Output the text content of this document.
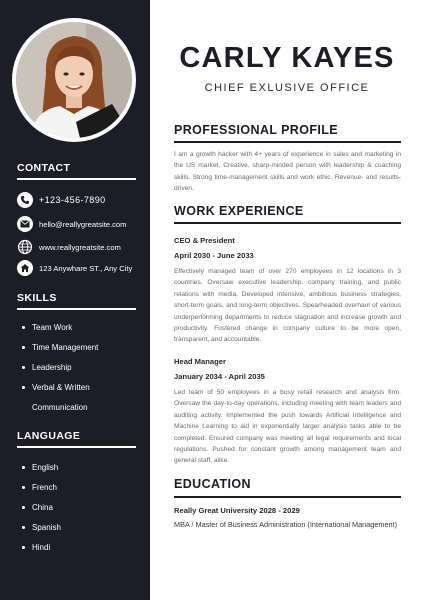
CONTACT
+123-456-7890
hello@reallygreatsite.com
www.reallygreatsite.com
123 Anywhare ST., Any City
SKILLS
Team Work
Time Management
Leadership
Verbal & Written
Communication
LANGUAGE
English
French
China
Spanish
Hindi
CARLY KAYES
CHIEF EXLUSIVE OFFICE
PROFESSIONAL PROFILE
I am a growth hacker with 4+ years of experience in sales and marketing in the US market. Creative, sharp-minded person with leadership & coaching skills. Strong time-management skills and work ethic. Revenue- and results-driven.
WORK EXPERIENCE
CEO & President
April 2030 - June 2033
Effectively managed team of over 270 employees in 12 locations in 3 countries. Oversaw executive leadership, company training, and public relations with media. Developed intensive, ambitious business strategies, short-term goals, and long-term objectives. Spearheaded overhaul of various underperforming departments to reduce stagnation and increase growth and productivity. Fostered change in company culture to be more open, transparent, and accountable.
Head Manager
January 2034 - April 2035
Led team of 50 employees in a busy retail research and analysis firm. Oversaw the day-to-day operations, including meeting with team leaders and auditing activity. Implemented the push towards Artificial Intelligence and Machine Learning to aid in exponentially larger analysis tasks able to be completed. Ensured company was meeting all legal requirements and local regulations. Pushed for constant growth among management team and general staff, alike.
EDUCATION
Really Great University 2028 - 2029
MBA / Master of Business Administration (International Management)
